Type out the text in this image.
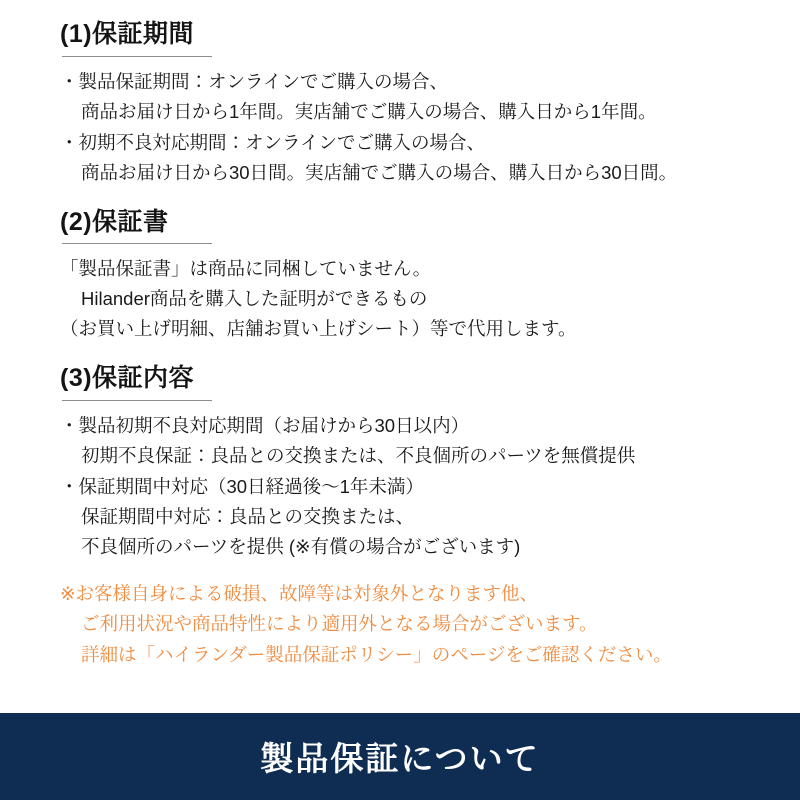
(1)保証期間
・製品保証期間：オンラインでご購入の場合、
商品お届け日から1年間。実店舗でご購入の場合、購入日から1年間。
・初期不良対応期間：オンラインでご購入の場合、
商品お届け日から30日間。実店舗でご購入の場合、購入日から30日間。
(2)保証書
「製品保証書」は商品に同梱していません。
Hilander商品を購入した証明ができるもの
（お買い上げ明細、店舗お買い上げシート）等で代用します。
(3)保証内容
・製品初期不良対応期間（お届けから30日以内）
初期不良保証：良品との交換または、不良個所のパーツを無償提供
・保証期間中対応（30日経過後〜1年未満）
保証期間中対応：良品との交換または、
不良個所のパーツを提供 (※有償の場合がございます)
※お客様自身による破損、故障等は対象外となります他、
ご利用状況や商品特性により適用外となる場合がございます。
詳細は「ハイランダー製品保証ポリシー」のページをご確認ください。
製品保証について
